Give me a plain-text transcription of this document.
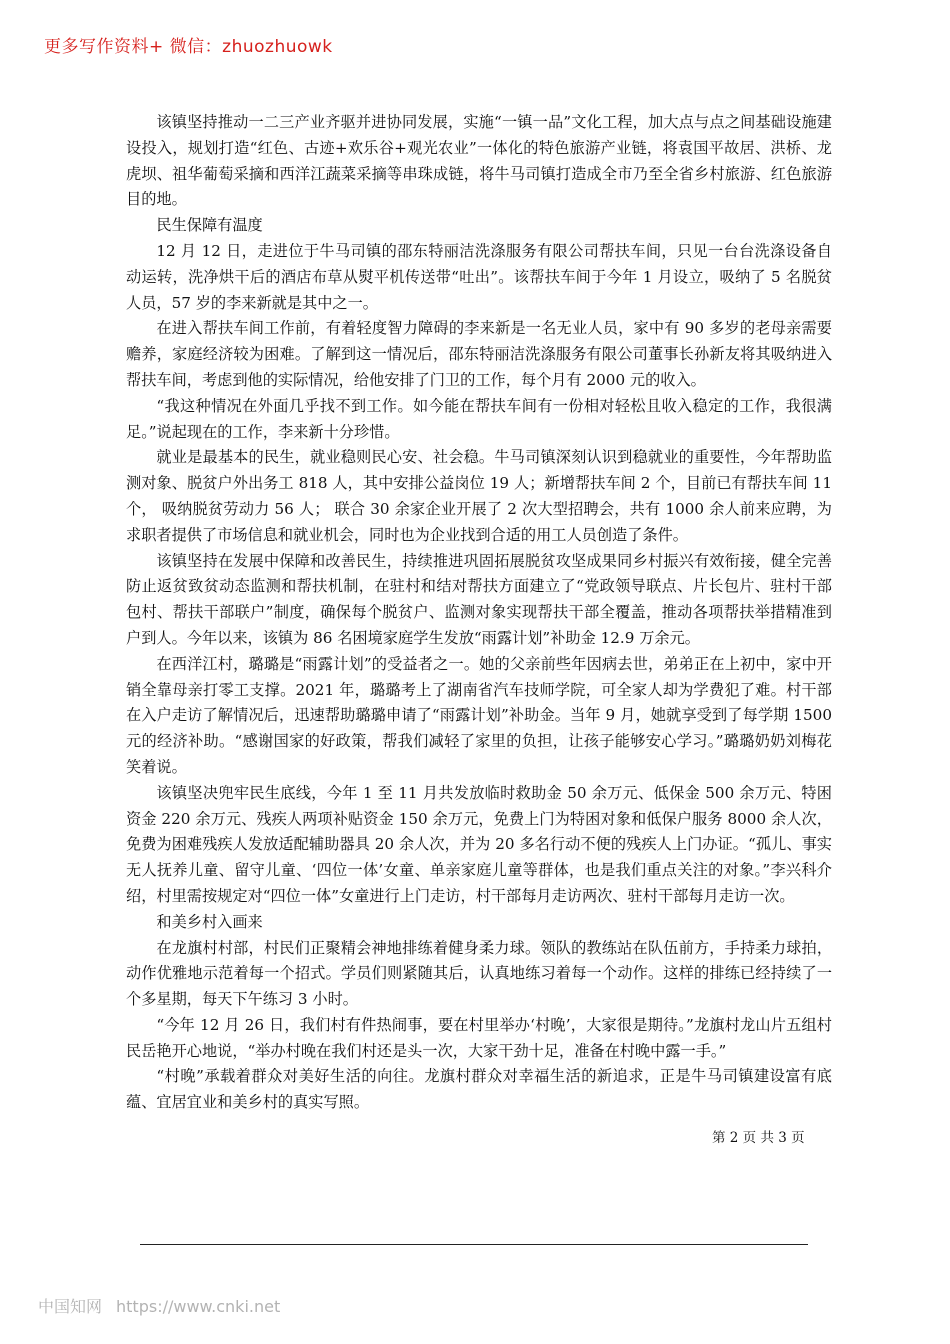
更多写作资料+ 微信：zhuozhuowk

该镇坚持推动一二三产业齐驱并进协同发展，实施“一镇一品”文化工程，加大点与点之间基础设施建设投入，规划打造“红色、古迹+欢乐谷+观光农业”一体化的特色旅游产业链，将袁国平故居、洪桥、龙虎坝、祖华葡萄采摘和西洋江蔬菜采摘等串珠成链，将牛马司镇打造成全市乃至全省乡村旅游、红色旅游目的地。

民生保障有温度

12 月 12 日，走进位于牛马司镇的邵东特丽洁洗涤服务有限公司帮扶车间，只见一台台洗涤设备自动运转，洗净烘干后的酒店布草从熨平机传送带“吐出”。该帮扶车间于今年 1 月设立，吸纳了 5 名脱贫人员，57 岁的李来新就是其中之一。

在进入帮扶车间工作前，有着轻度智力障碍的李来新是一名无业人员，家中有 90 多岁的老母亲需要赡养，家庭经济较为困难。了解到这一情况后，邵东特丽洁洗涤服务有限公司董事长孙新友将其吸纳进入帮扶车间，考虑到他的实际情况，给他安排了门卫的工作，每个月有 2000 元的收入。

“我这种情况在外面几乎找不到工作。如今能在帮扶车间有一份相对轻松且收入稳定的工作，我很满足。”说起现在的工作，李来新十分珍惜。

就业是最基本的民生，就业稳则民心安、社会稳。牛马司镇深刻认识到稳就业的重要性，今年帮助监测对象、脱贫户外出务工 818 人，其中安排公益岗位 19 人；新增帮扶车间 2 个，目前已有帮扶车间 11 个， 吸纳脱贫劳动力 56 人； 联合 30 余家企业开展了 2 次大型招聘会，共有 1000 余人前来应聘，为求职者提供了市场信息和就业机会，同时也为企业找到合适的用工人员创造了条件。

该镇坚持在发展中保障和改善民生，持续推进巩固拓展脱贫攻坚成果同乡村振兴有效衔接，健全完善防止返贫致贫动态监测和帮扶机制，在驻村和结对帮扶方面建立了“党政领导联点、片长包片、驻村干部包村、帮扶干部联户”制度，确保每个脱贫户、监测对象实现帮扶干部全覆盖，推动各项帮扶举措精准到户到人。今年以来，该镇为 86 名困境家庭学生发放“雨露计划”补助金 12.9 万余元。

在西洋江村，璐璐是“雨露计划”的受益者之一。她的父亲前些年因病去世，弟弟正在上初中，家中开销全靠母亲打零工支撑。2021 年，璐璐考上了湖南省汽车技师学院，可全家人却为学费犯了难。村干部在入户走访了解情况后，迅速帮助璐璐申请了“雨露计划”补助金。当年 9 月，她就享受到了每学期 1500 元的经济补助。“感谢国家的好政策，帮我们减轻了家里的负担，让孩子能够安心学习。”璐璐奶奶刘梅花笑着说。

该镇坚决兜牢民生底线，今年 1 至 11 月共发放临时救助金 50 余万元、低保金 500 余万元、特困资金 220 余万元、残疾人两项补贴资金 150 余万元，免费上门为特困对象和低保户服务 8000 余人次，免费为困难残疾人发放适配辅助器具 20 余人次，并为 20 多名行动不便的残疾人上门办证。“孤儿、事实无人抚养儿童、留守儿童、‘四位一体’女童、单亲家庭儿童等群体，也是我们重点关注的对象。”李兴科介绍，村里需按规定对“四位一体”女童进行上门走访，村干部每月走访两次、驻村干部每月走访一次。

和美乡村入画来

在龙旗村村部，村民们正聚精会神地排练着健身柔力球。领队的教练站在队伍前方，手持柔力球拍，动作优雅地示范着每一个招式。学员们则紧随其后，认真地练习着每一个动作。这样的排练已经持续了一个多星期，每天下午练习 3 小时。

“今年 12 月 26 日，我们村有件热闹事，要在村里举办‘村晚’，大家很是期待。”龙旗村龙山片五组村民岳艳开心地说，“举办村晚在我们村还是头一次，大家干劲十足，准备在村晚中露一手。”

“村晚”承载着群众对美好生活的向往。龙旗村群众对幸福生活的新追求，正是牛马司镇建设富有底蕴、宜居宜业和美乡村的真实写照。

第 2 页 共 3 页
中国知网 https://www.cnki.net
